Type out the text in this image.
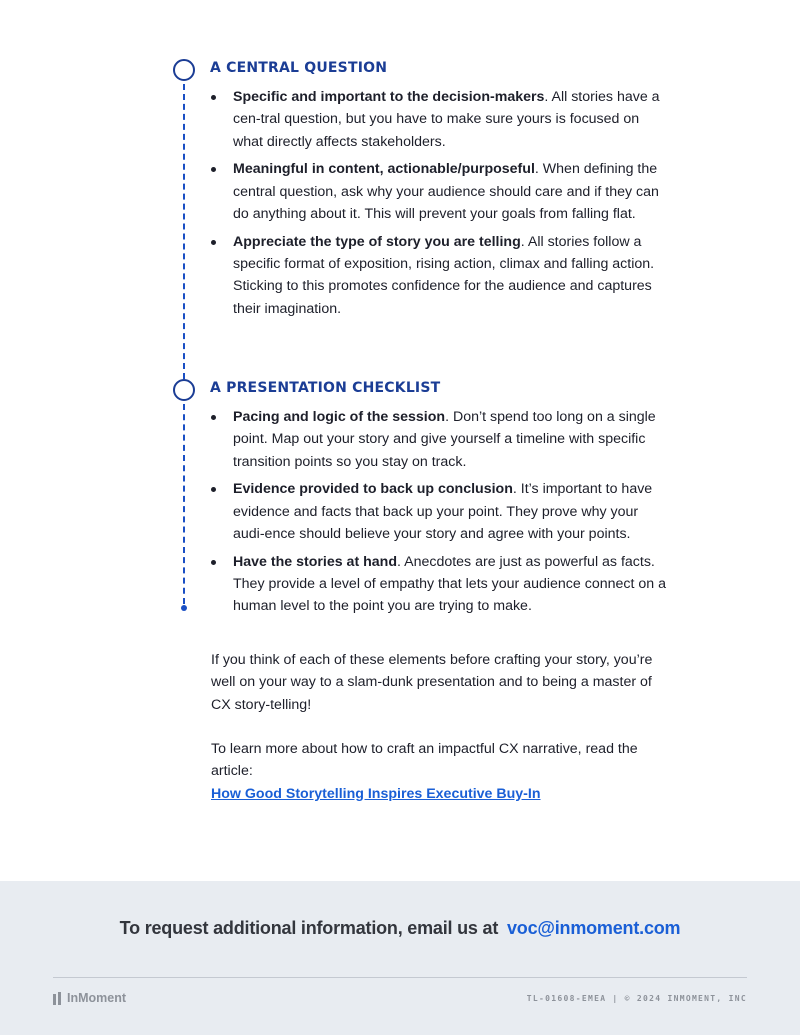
A CENTRAL QUESTION
Specific and important to the decision-makers. All stories have a cen-tral question, but you have to make sure yours is focused on what directly affects stakeholders.
Meaningful in content, actionable/purposeful. When defining the central question, ask why your audience should care and if they can do anything about it. This will prevent your goals from falling flat.
Appreciate the type of story you are telling. All stories follow a specific format of exposition, rising action, climax and falling action. Sticking to this promotes confidence for the audience and captures their imagination.
A PRESENTATION CHECKLIST
Pacing and logic of the session. Don’t spend too long on a single point. Map out your story and give yourself a timeline with specific transition points so you stay on track.
Evidence provided to back up conclusion. It’s important to have evidence and facts that back up your point. They prove why your audi-ence should believe your story and agree with your points.
Have the stories at hand. Anecdotes are just as powerful as facts. They provide a level of empathy that lets your audience connect on a human level to the point you are trying to make.
If you think of each of these elements before crafting your story, you’re well on your way to a slam-dunk presentation and to being a master of CX story-telling!
To learn more about how to craft an impactful CX narrative, read the article:
How Good Storytelling Inspires Executive Buy-In
To request additional information, email us at voc@inmoment.com
InMoment	TL-01608-EMEA | © 2024 INMOMENT, INC
